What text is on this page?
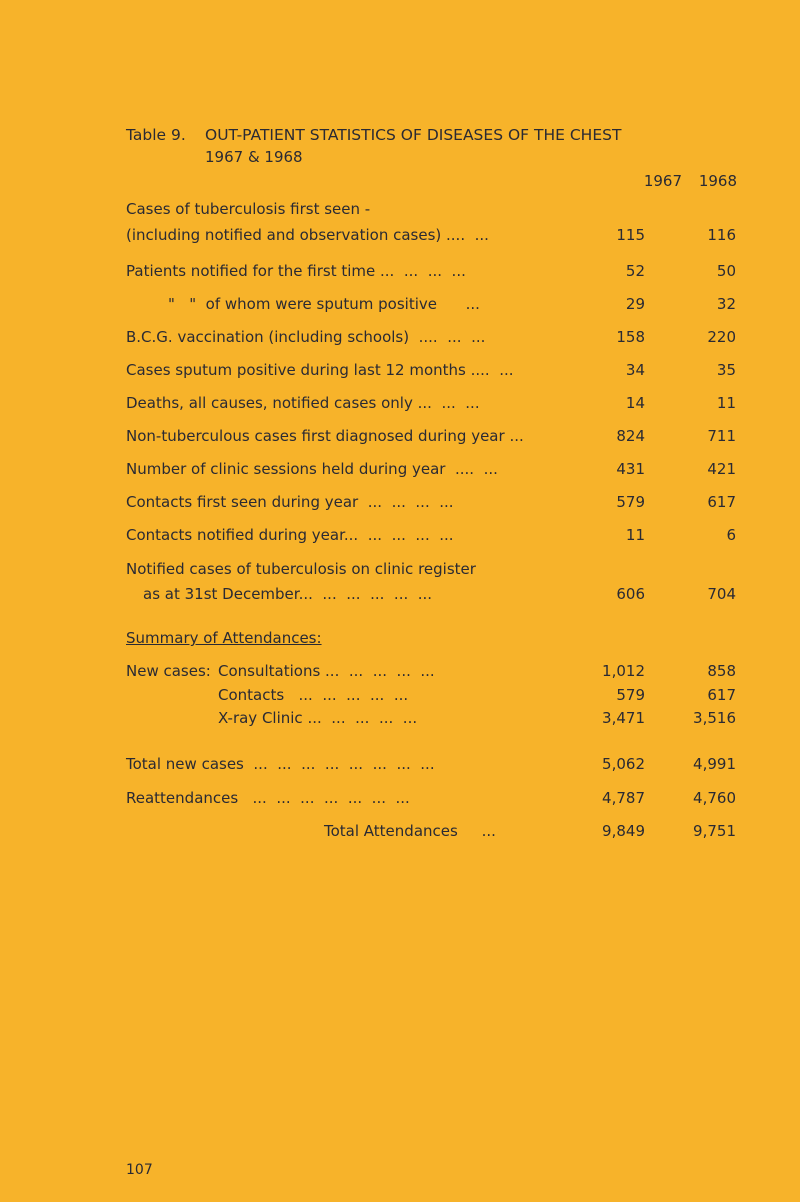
Table 9. OUT-PATIENT STATISTICS OF DISEASES OF THE CHEST
1967 & 1968
1967	1968
Cases of tuberculosis first seen -
(including notified and observation cases) ....  ...	115	116
Patients notified for the first time ...  ...  ...  ...	52	50
"   "  of whom were sputum positive      ...	29	32
B.C.G. vaccination (including schools)  ....  ...  ...	158	220
Cases sputum positive during last 12 months ....  ...	34	35
Deaths, all causes, notified cases only ...  ...  ...	14	11
Non-tuberculous cases first diagnosed during year ...	824	711
Number of clinic sessions held during year  ....  ...	431	421
Contacts first seen during year  ...  ...  ...  ...	579	617
Contacts notified during year...  ...  ...  ...  ...	11	6
Notified cases of tuberculosis on clinic register
as at 31st December...  ...  ...  ...  ...  ...	606	704
Summary of Attendances:
New cases: Consultations ...  ...  ...  ...  ...	1,012	858
Contacts   ...  ...  ...  ...  ...	579	617
X-ray Clinic ...  ...  ...  ...  ...	3,471	3,516
Total new cases  ...  ...  ...  ...  ...  ...  ...  ...	5,062	4,991
Reattendances   ...  ...  ...  ...  ...  ...  ...	4,787	4,760
Total Attendances     ...	9,849	9,751
107
